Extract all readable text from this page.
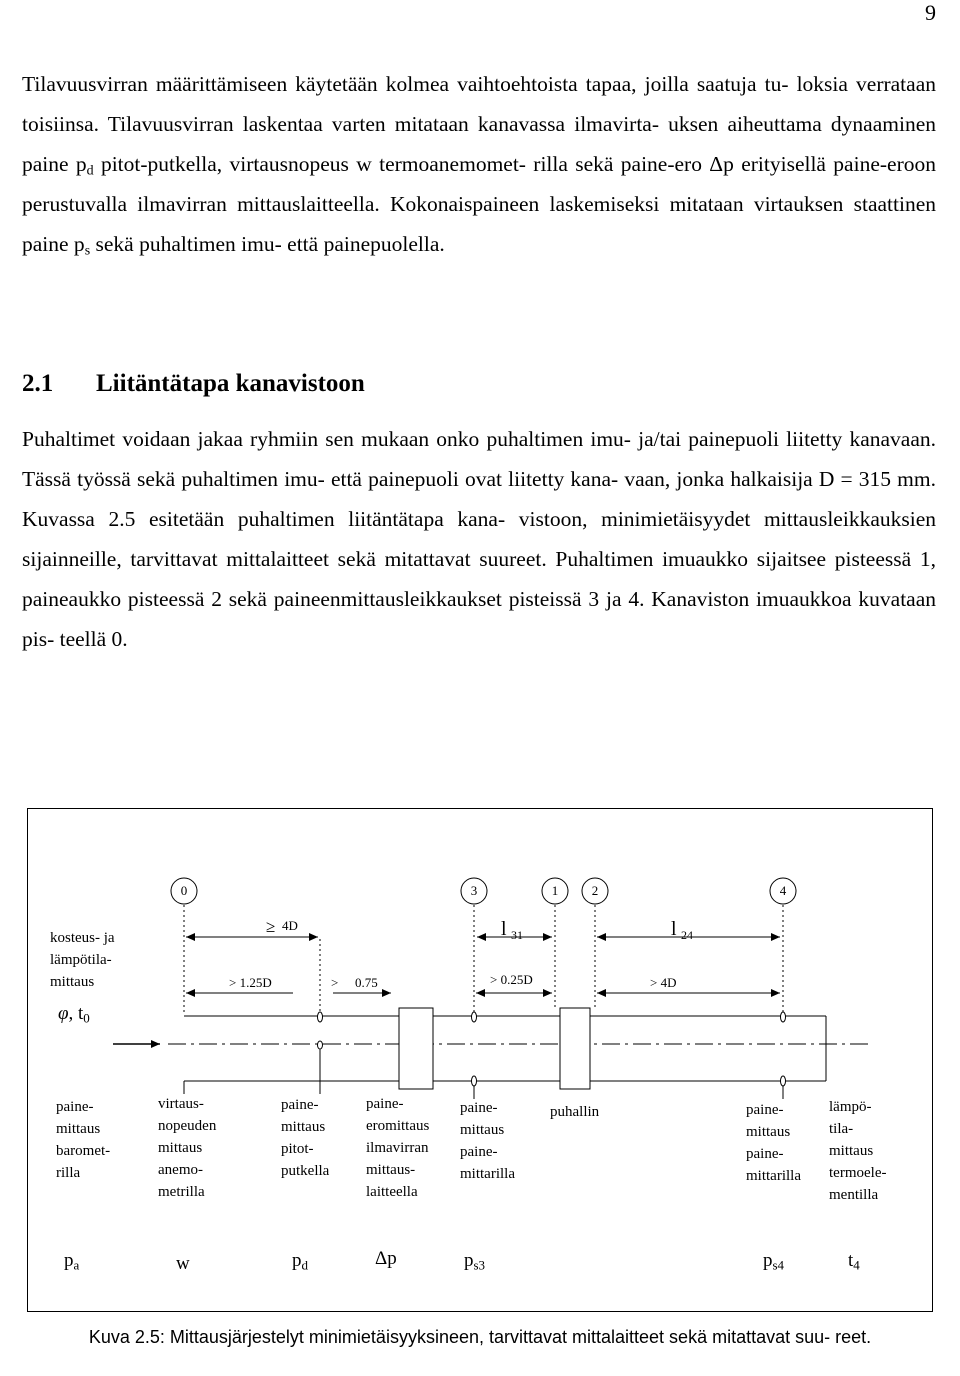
9
Tilavuusvirran määrittämiseen käytetään kolmea vaihtoehtoista tapaa, joilla saatuja tu- loksia verrataan toisiinsa. Tilavuusvirran laskentaa varten mitataan kanavassa ilmavirta- uksen aiheuttama dynaaminen paine $p_d$ pitot-putkella, virtausnopeus w termoanemomet- rilla sekä paine-ero Δp erityisellä paine-eroon perustuvalla ilmavirran mittauslaitteella. Kokonaispaineen laskemiseksi mitataan virtauksen staattinen paine $p_s$ sekä puhaltimen imu- että painepuolella.
2.1 Liitäntätapa kanavistoon
Puhaltimet voidaan jakaa ryhmiin sen mukaan onko puhaltimen imu- ja/tai painepuoli liitetty kanavaan. Tässä työssä sekä puhaltimen imu- että painepuoli ovat liitetty kana- vaan, jonka halkaisija D = 315 mm. Kuvassa 2.5 esitetään puhaltimen liitäntätapa kana- vistoon, minimietäisyydet mittausleikkauksien sijainneille, tarvittavat mittalaitteet sekä mitattavat suureet. Puhaltimen imuaukko sijaitsee pisteessä 1, paineaukko pisteessä 2 sekä paineenmittausleikkaukset pisteissä 3 ja 4. Kanaviston imuaukkoa kuvataan pis- teellä 0.
0	3	1	2	4
≥ 4D	l 31	l 24
> 1.25D	> 0.75	> 0.25D	> 4D
kosteus- ja
lämpötila-
mittaus
φ, $t_0$
paine-
mittaus
baromet-
rilla
virtaus-
nopeuden
mittaus
anemo-
metrilla
paine-
mittaus
pitot-
putkella
paine-
eromittaus
ilmavirran
mittaus-
laitteella
paine-
mittaus
paine-
mittarilla
puhallin	paine-
mittaus
paine-
mittarilla
lämpö-
tila-
mittaus
termoele-
mentilla
$p_a$	w	$p_d$	Δp	$p_{s3}$	$p_{s4}$	$t_4$
Kuva 2.5: Mittausjärjestelyt minimietäisyyksineen, tarvittavat mittalaitteet sekä mitattavat suu- reet.
